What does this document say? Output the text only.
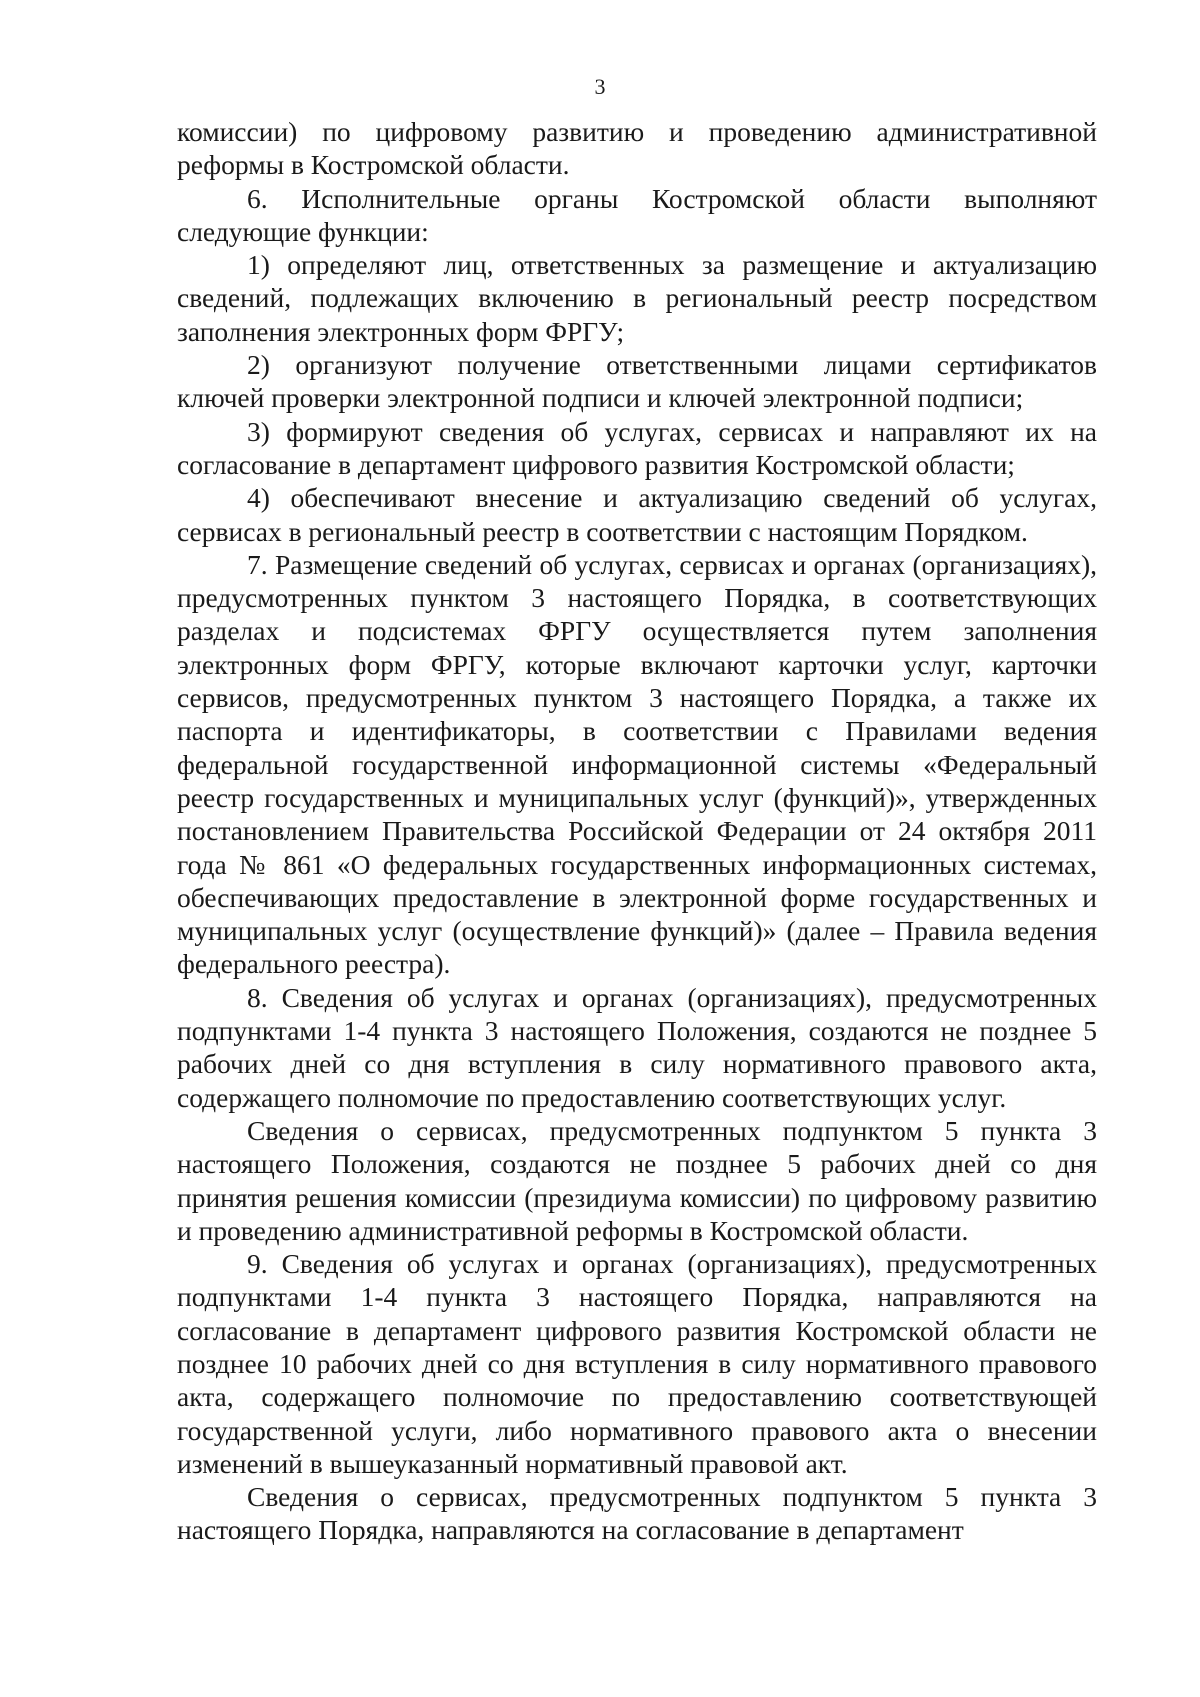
3

комиссии) по цифровому развитию и проведению административной реформы в Костромской области.

6. Исполнительные органы Костромской области выполняют следующие функции:

1) определяют лиц, ответственных за размещение и актуализацию сведений, подлежащих включению в региональный реестр посредством заполнения электронных форм ФРГУ;

2) организуют получение ответственными лицами сертификатов ключей проверки электронной подписи и ключей электронной подписи;

3) формируют сведения об услугах, сервисах и направляют их на согласование в департамент цифрового развития Костромской области;

4) обеспечивают внесение и актуализацию сведений об услугах, сервисах в региональный реестр в соответствии с настоящим Порядком.

7. Размещение сведений об услугах, сервисах и органах (организациях), предусмотренных пунктом 3 настоящего Порядка, в соответствующих разделах и подсистемах ФРГУ осуществляется путем заполнения электронных форм ФРГУ, которые включают карточки услуг, карточки сервисов, предусмотренных пунктом 3 настоящего Порядка, а также их паспорта и идентификаторы, в соответствии с Правилами ведения федеральной государственной информационной системы «Федеральный реестр государственных и муниципальных услуг (функций)», утвержденных постановлением Правительства Российской Федерации от 24 октября 2011 года № 861 «О федеральных государственных информационных системах, обеспечивающих предоставление в электронной форме государственных и муниципальных услуг (осуществление функций)» (далее – Правила ведения федерального реестра).

8. Сведения об услугах и органах (организациях), предусмотренных подпунктами 1-4 пункта 3 настоящего Положения, создаются не позднее 5 рабочих дней со дня вступления в силу нормативного правового акта, содержащего полномочие по предоставлению соответствующих услуг.

Сведения о сервисах, предусмотренных подпунктом 5 пункта 3 настоящего Положения, создаются не позднее 5 рабочих дней со дня принятия решения комиссии (президиума комиссии) по цифровому развитию и проведению административной реформы в Костромской области.

9. Сведения об услугах и органах (организациях), предусмотренных подпунктами 1-4 пункта 3 настоящего Порядка, направляются на согласование в департамент цифрового развития Костромской области не позднее 10 рабочих дней со дня вступления в силу нормативного правового акта, содержащего полномочие по предоставлению соответствующей государственной услуги, либо нормативного правового акта о внесении изменений в вышеуказанный нормативный правовой акт.

Сведения о сервисах, предусмотренных подпунктом 5 пункта 3 настоящего Порядка, направляются на согласование в департамент
